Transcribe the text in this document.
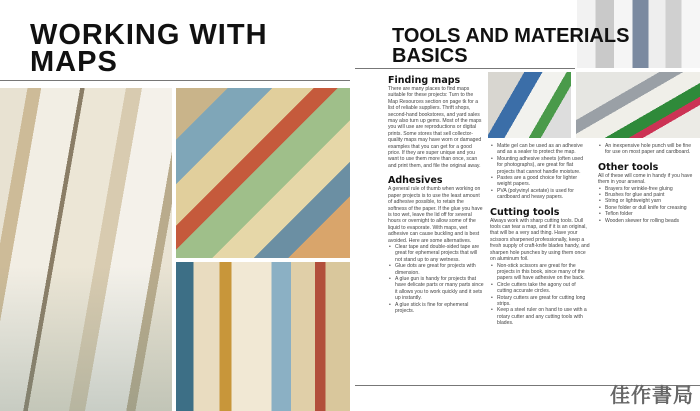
WORKING WITH MAPS
TOOLS AND MATERIALS BASICS
Finding maps

There are many places to find maps suitable for these projects: Turn to the Map Resources section on page tk for a list of reliable suppliers. Thrift shops, second-hand bookstores, and yard sales may also turn up gems. Most of the maps you will use are reproductions or digital prints. Some stores that sell collector-quality maps may have worn or damaged examples that you can get for a good price. If they are super unique and you want to use them more than once, scan and print them, and file the original away.

Adhesives

A general rule of thumb when working on paper projects is to use the least amount of adhesive possible, to retain the softness of the paper. If the glue you have is too wet, leave the lid off for several hours or overnight to allow some of the liquid to evaporate. With maps, wet adhesive can cause buckling and is best avoided. Here are some alternatives.

• Clear tape and double-sided tape are great for ephemeral projects that will not stand up to any wetness.
• Glue dots are great for projects with dimension.
• A glue gun is handy for projects that have delicate parts or many parts since it allows you to work quickly and it sets up instantly.
• A glue stick is fine for ephemeral projects.
• Matte gel can be used as an adhesive and as a sealer to protect the map.
• Mounting adhesive sheets (often used for photographs), are great for flat projects that cannot handle moisture.
• Pastes are a good choice for lighter weight papers.
• PVA (polyvinyl acetate) is used for cardboard and heavy papers.
Cutting tools

Always work with sharp cutting tools. Dull tools can tear a map, and if it is an original, that will be a very sad thing. Have your scissors sharpened professionally, keep a fresh supply of craft-knife blades handy, and sharpen hole punches by using them once on aluminum foil.

• Non-stick scissors are great for the projects in this book, since many of the papers will have adhesive on the back.
• Circle cutters take the agony out of cutting accurate circles.
• Rotary cutters are great for cutting long strips.
• Keep a steel ruler on hand to use with a rotary cutter and any cutting tools with blades.
• An inexpensive hole punch will be fine for use on most paper and cardboard.
Other tools

All of these will come in handy if you have them in your arsenal.

• Brayers for wrinkle-free gluing
• Brushes for glue and paint
• String or lightweight yarn
• Bone folder or dull knife for creasing
• Teflon folder
• Wooden skewer for rolling beads
佳作書局
